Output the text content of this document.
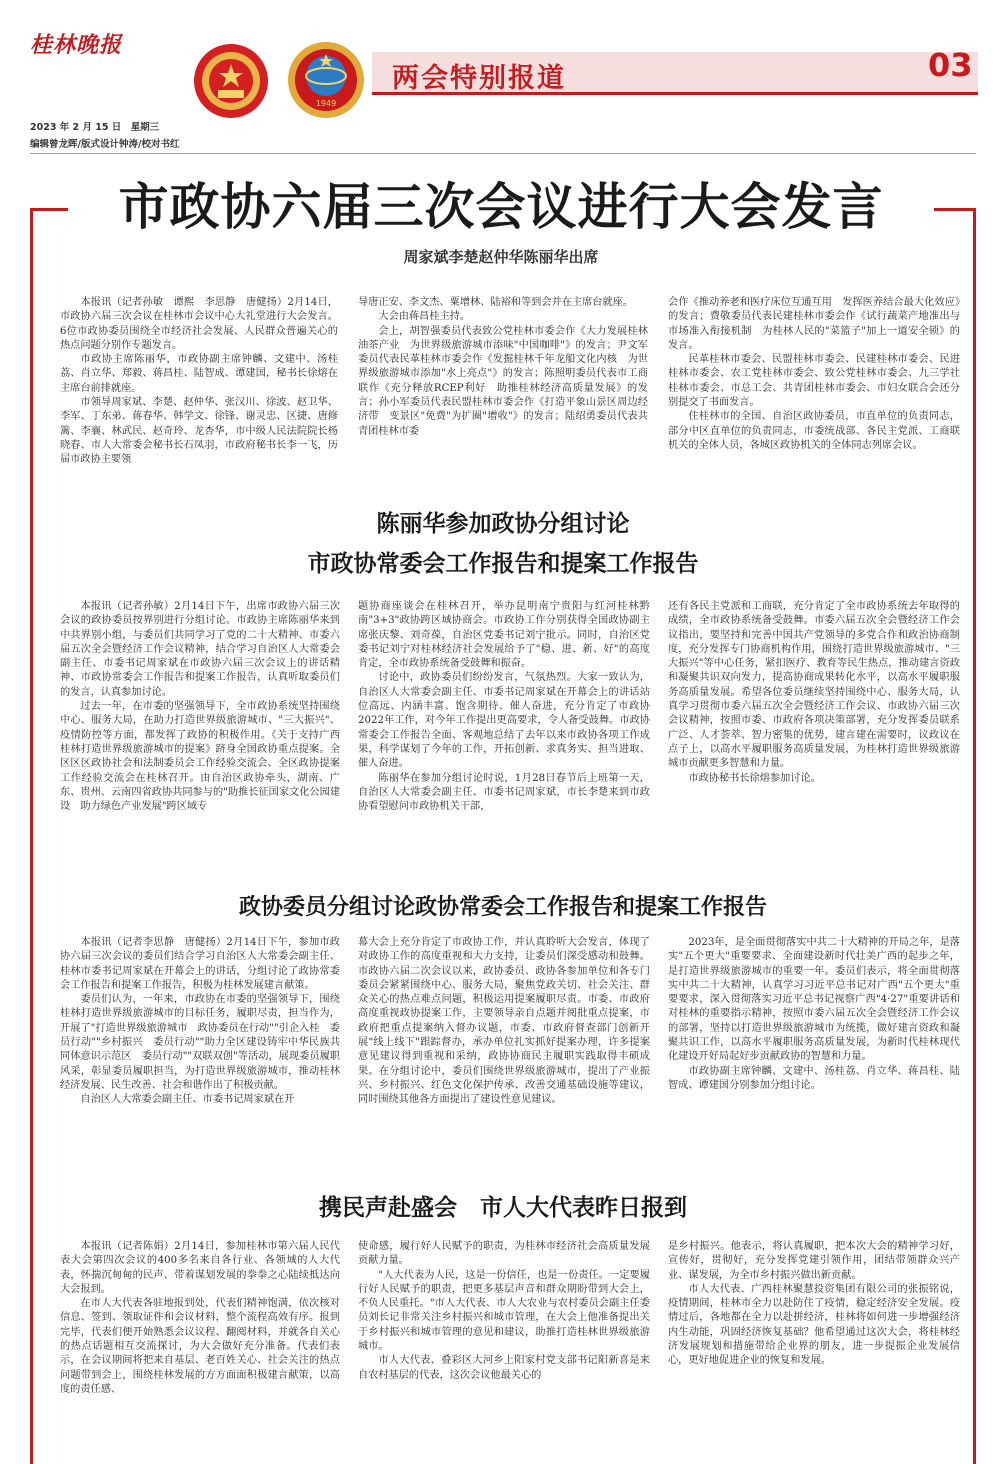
桂林晚报
1949
两会特别报道	03
2023 年 2 月 15 日　星期三
编辑曾龙晖/版式设计钟涛/校对书红
市政协六届三次会议进行大会发言
周家斌李楚赵仲华陈丽华出席

本报讯（记者孙敏　谭熙　李思静　唐健扬）2月14日，市政协六届三次会议在桂林市会议中心大礼堂进行大会发言。6位市政协委员围绕全市经济社会发展、人民群众普遍关心的热点问题分别作专题发言。

市政协主席陈丽华，市政协副主席钟麟、文建中、汤桂荔、肖立华、郑毅、蒋昌桂、陆智成、谭建国，秘书长徐熔在主席台前排就座。

市领导周家斌、李楚、赵仲华、张汉川、徐波、赵卫华、李军、丁东弟、蒋春华、韩学文、徐锋、谢灵忠、区捷、唐修篱、李襄、林武民、赵奇玲、龙杏华，市中级人民法院院长杨晓春、市人大常委会秘书长石凤羽，市政府秘书长李一飞，历届市政协主要领

导唐正安、李文杰、粟增林、陆裕和等到会并在主席台就座。

大会由蒋昌桂主持。

会上，胡智强委员代表致公党桂林市委会作《大力发展桂林油茶产业　为世界级旅游城市添味"中国咖啡"》的发言；尹文军委员代表民革桂林市委会作《发掘桂林千年龙船文化内核　为世界级旅游城市添加"水上亮点"》的发言；陈照明委员代表市工商联作《充分释放RCEP利好　助推桂林经济高质量发展》的发言；孙小军委员代表民盟桂林市委会作《打造平象山景区周边经济带　变景区"免费"为扩圈"增收"》的发言；陆绍勇委员代表共青团桂林市委

会作《推动养老和医疗床位互通互用　发挥医养结合最大化效应》的发言；费敬委员代表民建桂林市委会作《试行蔬菜产地准出与市场准入衔接机制　为桂林人民的"菜篮子"加上一道安全锁》的发言。

民革桂林市委会、民盟桂林市委会、民建桂林市委会、民进桂林市委会、农工党桂林市委会、致公党桂林市委会、九三学社桂林市委会、市总工会、共青团桂林市委会、市妇女联合会还分别提交了书面发言。

住桂林市的全国、自治区政协委员，市直单位的负责同志，部分中区直单位的负责同志，市委统战部、各民主党派、工商联机关的全体人员，各城区政协机关的全体同志列席会议。

陈丽华参加政协分组讨论
市政协常委会工作报告和提案工作报告

本报讯（记者孙敏）2月14日下午，出席市政协六届三次会议的政协委员按界别进行分组讨论。市政协主席陈丽华来到中共界别小组，与委员们共同学习了党的二十大精神、市委六届五次全会暨经济工作会议精神，结合学习自治区人大常委会副主任、市委书记周家斌在市政协六届三次会议上的讲话精神、市政协常委会工作报告和提案工作报告，认真听取委员们的发言，认真参加讨论。

过去一年，在市委的坚强领导下，全市政协系统坚持围绕中心、服务大局，在助力打造世界级旅游城市、"三大振兴"、疫情防控等方面，都发挥了政协的积极作用。《关于支持广西桂林打造世界级旅游城市的提案》跻身全国政协重点提案。全区区区政协社会和法制委员会工作经验交流会、全区政协提案工作经验交流会在桂林召开。由自治区政协牵头，湖南、广东、贵州、云南四省政协共同参与的"助推长征国家文化公园建设　助力绿色产业发展"跨区域专

题协商座谈会在桂林召开，举办昆明南宁贵阳与红河桂林黔南"3+3"政协跨区域协商会。市政协工作分别获得全国政协副主席张庆黎、刘奇葆，自治区党委书记刘宁批示。同时，自治区党委书记刘宁对桂林经济社会发展给予了"稳、进、新、好"的高度肯定，全市政协系统备受鼓舞和振奋。

讨论中，政协委员们纷纷发言，气氛热烈。大家一致认为，自治区人大常委会副主任、市委书记周家斌在开幕会上的讲话站位高远、内涵丰富、饱含期待、催人奋进，充分肯定了市政协2022年工作，对今年工作提出更高要求，令人备受鼓舞。市政协常委会工作报告全面、客观地总结了去年以来市政协各项工作成果，科学谋划了今年的工作，开拓创新、求真务实、担当进取、催人奋进。

陈丽华在参加分组讨论时说，1月28日春节后上班第一天，自治区人大常委会副主任、市委书记周家斌，市长李楚来到市政协看望慰问市政协机关干部，

还有各民主党派和工商联，充分肯定了全市政协系统去年取得的成绩，全市政协系统备受鼓舞。市委六届五次全会暨经济工作会议指出，要坚持和完善中国共产党领导的多党合作和政治协商制度，充分发挥专门协商机构作用，围绕打造世界级旅游城市、"三大振兴"等中心任务，紧扣医疗、教育等民生热点，推动建言资政和凝聚共识双向发力，提高协商成果转化水平，以高水平履职服务高质量发展。希望各位委员继续坚持围绕中心、服务大局，认真学习贯彻市委六届五次全会暨经济工作会议、市政协六届三次会议精神，按照市委、市政府各项决策部署，充分发挥委员联系广泛、人才荟萃、智力密集的优势，建言建在需要时，议政议在点子上，以高水平履职服务高质量发展，为桂林打造世界级旅游城市贡献更多智慧和力量。

市政协秘书长徐熔参加讨论。

政协委员分组讨论政协常委会工作报告和提案工作报告

本报讯（记者李思静　唐健扬）2月14日下午，参加市政协六届三次会议的委员们结合学习自治区人大常委会副主任、桂林市委书记周家斌在开幕会上的讲话，分组讨论了政协常委会工作报告和提案工作报告，积极为桂林发展建言献策。

委员们认为，一年来，市政协在市委的坚强领导下，围绕桂林打造世界级旅游城市的目标任务，履职尽责，担当作为，开展了"打造世界级旅游城市　政协委员在行动""引企入桂　委员行动""乡村振兴　委员行动""助力全区建设铸牢中华民族共同体意识示范区　委员行动""双联双创"等活动，展现委员履职风采，彰显委员履职担当，为打造世界级旅游城市，推动桂林经济发展、民生改善、社会和谐作出了积极贡献。

自治区人大常委会副主任、市委书记周家斌在开

幕大会上充分肯定了市政协工作，并认真聆听大会发言，体现了对政协工作的高度重视和大力支持，让委员们深受感动和鼓舞。市政协六届二次会议以来，政协委员、政协各参加单位和各专门委员会紧紧围绕中心、服务大局，聚焦党政关切、社会关注、群众关心的热点难点问题，积极运用提案履职尽责。市委、市政府高度重视政协提案工作，主要领导亲自点题并阅批重点提案，市政府把重点提案纳入督办议题，市委、市政府督查部门创新开展"线上线下"跟踪督办，承办单位扎实抓好提案办理，许多提案意见建议得到重视和采纳，政协协商民主履职实践取得丰硕成果。在分组讨论中，委员们围绕世界级旅游城市，提出了产业振兴、乡村振兴、红色文化保护传承、改善交通基础设施等建议，同时围绕其他各方面提出了建设性意见建议。

2023年，是全面贯彻落实中共二十大精神的开局之年，是落实"五个更大"重要要求、全面建设新时代壮美广西的起步之年，是打造世界级旅游城市的重要一年。委员们表示，将全面贯彻落实中共二十大精神，认真学习习近平总书记对广西"五个更大"重要要求，深入贯彻落实习近平总书记视察广西"4·27"重要讲话和对桂林的重要指示精神，按照市委六届五次全会暨经济工作会议的部署，坚持以打造世界级旅游城市为统揽，做好建言资政和凝聚共识工作，以高水平履职服务高质量发展，为新时代桂林现代化建设开好局起好步贡献政协的智慧和力量。

市政协副主席钟麟、文建中、汤桂荔、肖立华、蒋昌桂、陆智成、谭建国分别参加分组讨论。

携民声赴盛会　市人大代表昨日报到

本报讯（记者陈娟）2月14日，参加桂林市第六届人民代表大会第四次会议的400多名来自各行业、各领域的人大代表，怀揣沉甸甸的民声、带着谋划发展的拳拳之心陆续抵达向大会报到。

在市人大代表各驻地报到处，代表们精神饱满，依次核对信息、签到、领取证件和会议材料，整个流程高效有序。报到完毕，代表们便开始熟悉会议议程、翻阅材料，并就各自关心的热点话题相互交流探讨，为大会做好充分准备。代表们表示，在会议期间将把来自基层、老百姓关心、社会关注的热点问题带到会上，围绕桂林发展的方方面面积极建言献策，以高度的责任感、

使命感，履行好人民赋予的职责，为桂林市经济社会高质量发展贡献力量。

"人大代表为人民，这是一份信任，也是一份责任。一定要履行好人民赋予的职责，把更多基层声音和群众期盼带到大会上，不负人民重托。"市人大代表、市人大农业与农村委员会副主任委员刘长记非常关注乡村振兴和城市管理，在大会上他准备提出关于乡村振兴和城市管理的意见和建议，助推打造桂林世界级旅游城市。

市人大代表、叠彩区大河乡上阳家村党支部书记阳新喜是来自农村基层的代表，这次会议他最关心的

是乡村振兴。他表示，将认真履职，把本次大会的精神学习好，宣传好，贯彻好，充分发挥党建引领作用，团结带领群众兴产业、谋发展，为全市乡村振兴做出新贡献。

市人大代表、广西桂林聚慧投资集团有限公司的张振铭说，疫情期间，桂林市全力以赴防住了疫情，稳定经济安全发展。疫情过后，各地都在全力以赴拼经济，桂林将如何进一步增强经济内生动能，巩固经济恢复基础？他希望通过这次大会，将桂林经济发展规划和措施带给企业界的朋友，进一步提振企业发展信心，更好地促进企业的恢复和发展。
